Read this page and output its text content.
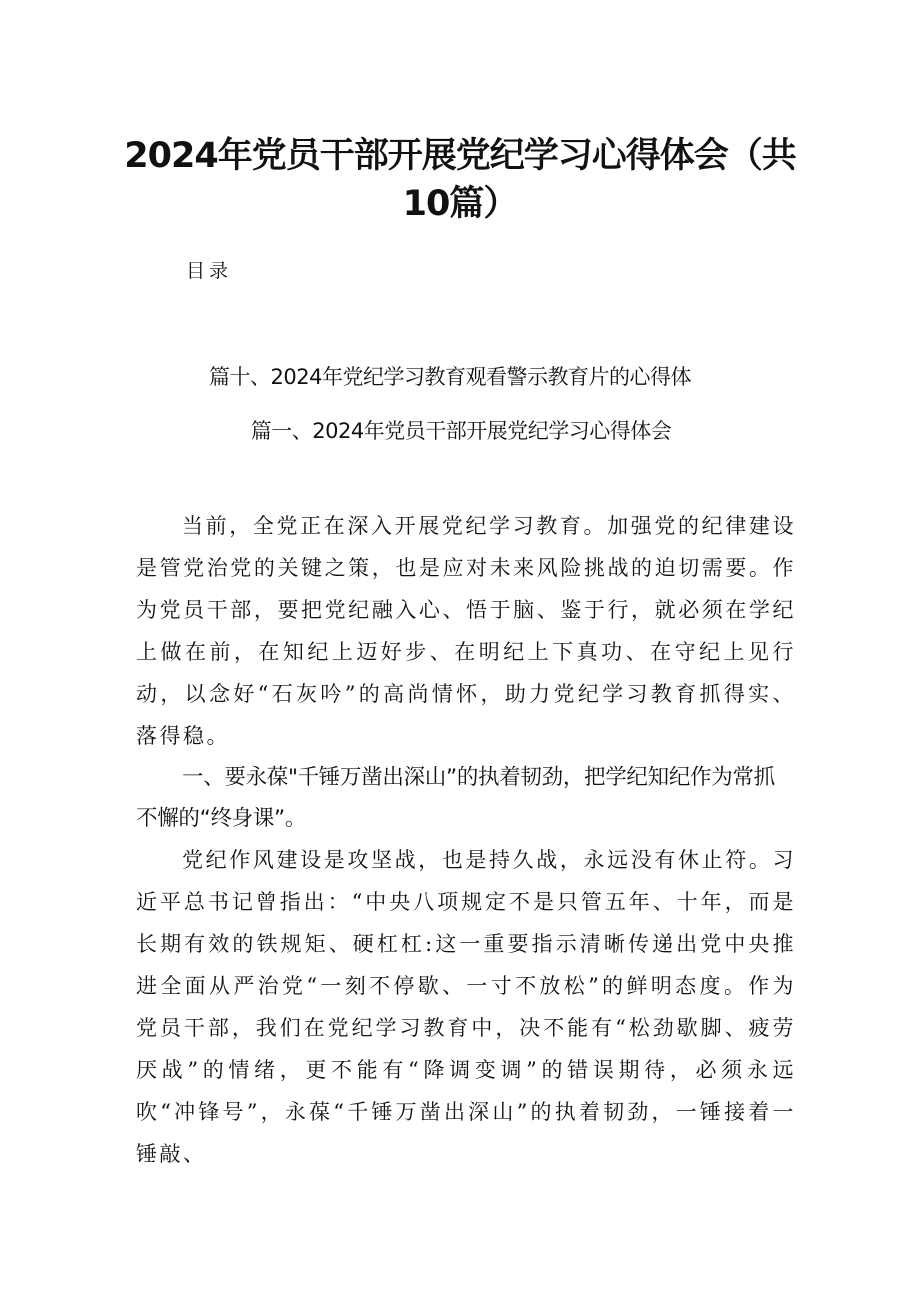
2024年党员干部开展党纪学习心得体会（共10篇）

目录

篇十、2024年党纪学习教育观看警示教育片的心得体
篇一、2024年党员干部开展党纪学习心得体会

当前，全党正在深入开展党纪学习教育。加强党的纪律建设是管党治党的关键之策，也是应对未来风险挑战的迫切需要。作为党员干部，要把党纪融入心、悟于脑、鉴于行，就必须在学纪上做在前，在知纪上迈好步、在明纪上下真功、在守纪上见行动，以念好“石灰吟”的高尚情怀，助力党纪学习教育抓得实、落得稳。

一、要永葆"千锤万凿出深山”的执着韧劲，把学纪知纪作为常抓不懈的“终身课”。

党纪作风建设是攻坚战，也是持久战，永远没有休止符。习近平总书记曾指出：“中央八项规定不是只管五年、十年，而是长期有效的铁规矩、硬杠杠:这一重要指示清晰传递出党中央推进全面从严治党“一刻不停歇、一寸不放松”的鲜明态度。作为党员干部，我们在党纪学习教育中，决不能有“松劲歇脚、疲劳厌战”的情绪，更不能有“降调变调”的错误期待，必须永远吹“冲锋号”，永葆“千锤万凿出深山”的执着韧劲，一锤接着一锤敲、
